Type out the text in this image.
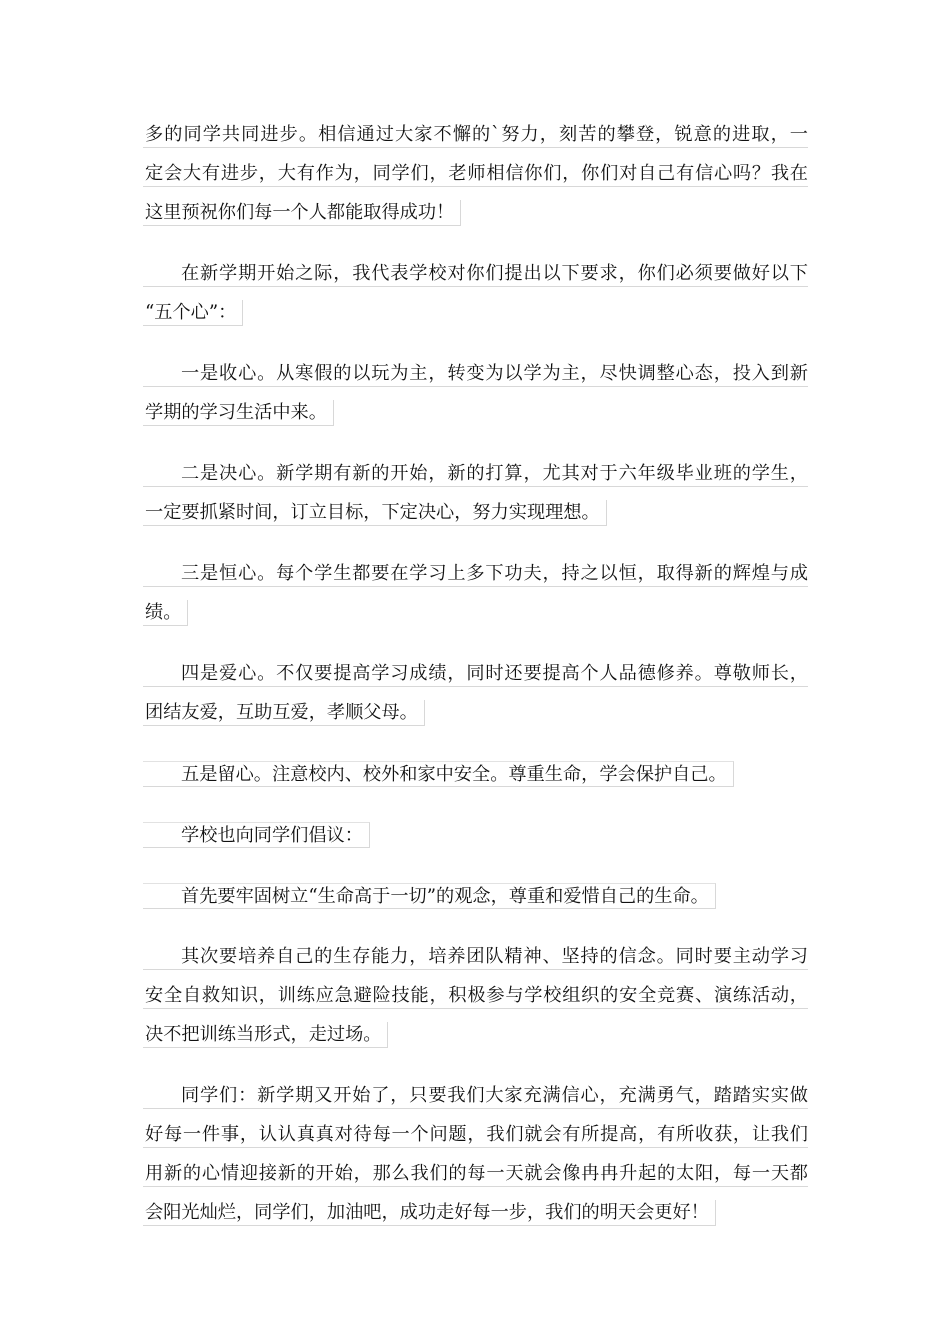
多的同学共同进步。相信通过大家不懈的`努力，刻苦的攀登，锐意的进取，一
定会大有进步，大有作为，同学们，老师相信你们，你们对自己有信心吗？我在
这里预祝你们每一个人都能取得成功！
在新学期开始之际，我代表学校对你们提出以下要求，你们必须要做好以下
“五个心”：
一是收心。从寒假的以玩为主，转变为以学为主，尽快调整心态，投入到新
学期的学习生活中来。
二是决心。新学期有新的开始，新的打算，尤其对于六年级毕业班的学生，
一定要抓紧时间，订立目标，下定决心，努力实现理想。
三是恒心。每个学生都要在学习上多下功夫，持之以恒，取得新的辉煌与成
绩。
四是爱心。不仅要提高学习成绩，同时还要提高个人品德修养。尊敬师长，
团结友爱，互助互爱，孝顺父母。
五是留心。注意校内、校外和家中安全。尊重生命，学会保护自己。
学校也向同学们倡议：
首先要牢固树立“生命高于一切”的观念，尊重和爱惜自己的生命。
其次要培养自己的生存能力，培养团队精神、坚持的信念。同时要主动学习
安全自救知识，训练应急避险技能，积极参与学校组织的安全竞赛、演练活动，
决不把训练当形式，走过场。
同学们：新学期又开始了，只要我们大家充满信心，充满勇气，踏踏实实做
好每一件事，认认真真对待每一个问题，我们就会有所提高，有所收获，让我们
用新的心情迎接新的开始，那么我们的每一天就会像冉冉升起的太阳，每一天都
会阳光灿烂，同学们，加油吧，成功走好每一步，我们的明天会更好！
